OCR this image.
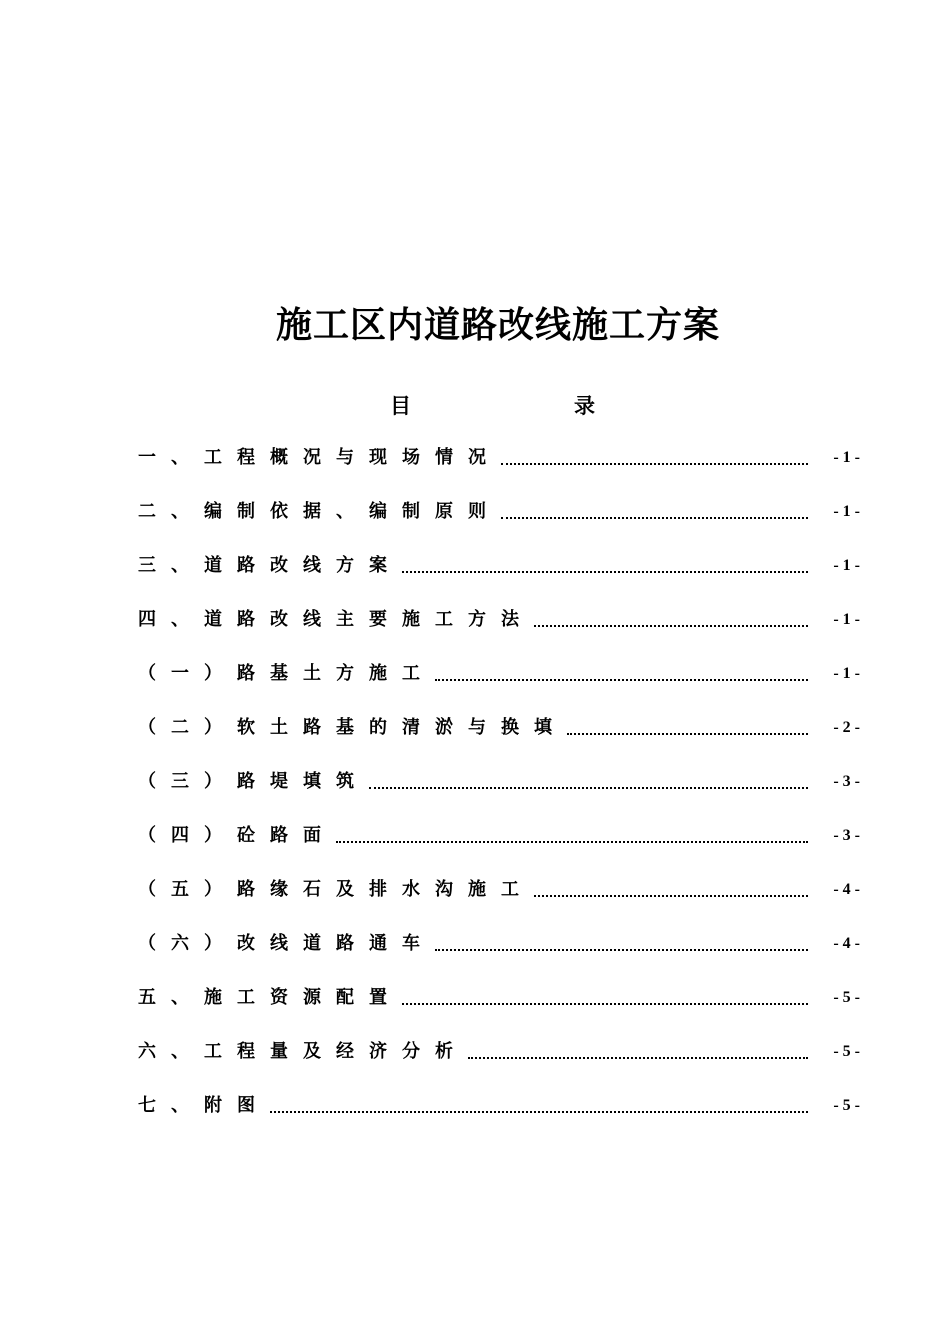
施工区内道路改线施工方案
目	录
一、工程概况与现场情况	- 1 -
二、编制依据、编制原则	- 1 -
三、道路改线方案	- 1 -
四、道路改线主要施工方法	- 1 -
（一）路基土方施工	- 1 -
（二）软土路基的清淤与换填	- 2 -
（三）路堤填筑	- 3 -
（四）砼路面	- 3 -
（五）路缘石及排水沟施工	- 4 -
（六）改线道路通车	- 4 -
五、施工资源配置	- 5 -
六、工程量及经济分析	- 5 -
七、附图	- 5 -
